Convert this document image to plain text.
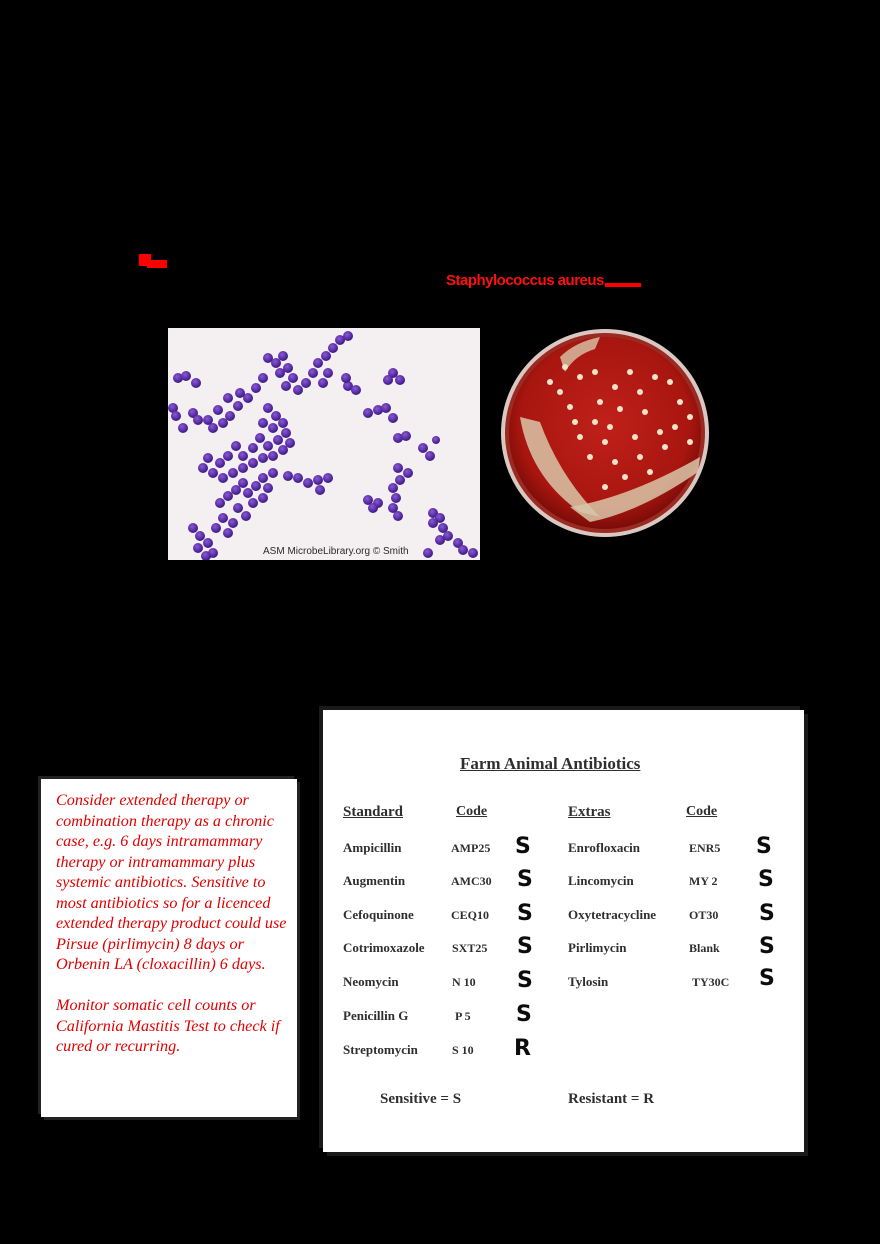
Staphylococcus aureus
ASM MicrobeLibrary.org © Smith

Consider extended therapy or combination therapy as a chronic case, e.g. 6 days intramammary therapy or intramammary plus systemic antibiotics. Sensitive to most antibiotics so for a licenced extended therapy product could use Pirsue (pirlimycin) 8 days or Orbenin LA (cloxacillin) 6 days.

Monitor somatic cell counts or California Mastitis Test to check if cured or recurring.

Farm Animal Antibiotics
Standard	Code	Extras	Code
Ampicillin	AMP25 S
Augmentin	AMC30 S
Cefoquinone	CEQ10 S
Cotrimoxazole SXT25 S
Neomycin	N 10 S
Penicillin G	P 5 S
Streptomycin	S 10 R
Enrofloxacin	ENR5 S
Lincomycin	MY 2 S
Oxytetracycline	OT30 S
Pirlimycin	Blank S
Tylosin	TY30C S
Sensitive = S	Resistant = R
